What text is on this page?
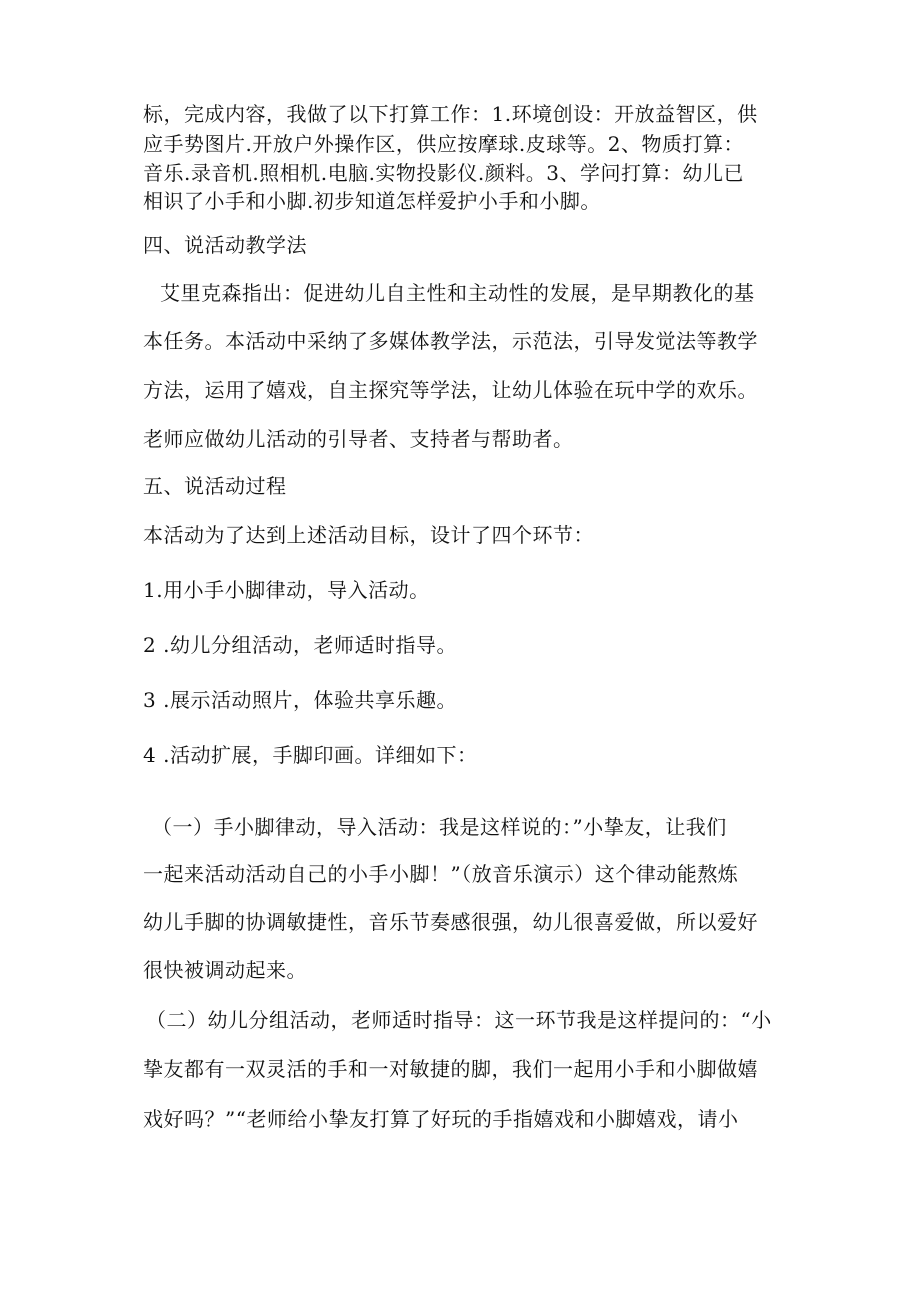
标，完成内容，我做了以下打算工作：1.环境创设：开放益智区，供
应手势图片.开放户外操作区，供应按摩球.皮球等。2、物质打算：
音乐.录音机.照相机.电脑.实物投影仪.颜料。3、学问打算：幼儿已
相识了小手和小脚.初步知道怎样爱护小手和小脚。
四、说活动教学法
艾里克森指出：促进幼儿自主性和主动性的发展，是早期教化的基
本任务。本活动中采纳了多媒体教学法，示范法，引导发觉法等教学
方法，运用了嬉戏，自主探究等学法，让幼儿体验在玩中学的欢乐。
老师应做幼儿活动的引导者、支持者与帮助者。
五、说活动过程
本活动为了达到上述活动目标，设计了四个环节：
1.用小手小脚律动，导入活动。
2 .幼儿分组活动，老师适时指导。
3 .展示活动照片，体验共享乐趣。
4 .活动扩展，手脚印画。详细如下：
（一）手小脚律动，导入活动：我是这样说的：”小挚友，让我们
一起来活动活动自己的小手小脚！”（放音乐演示）这个律动能熬炼
幼儿手脚的协调敏捷性，音乐节奏感很强，幼儿很喜爱做，所以爱好
很快被调动起来。
（二）幼儿分组活动，老师适时指导：这一环节我是这样提问的：“小
挚友都有一双灵活的手和一对敏捷的脚，我们一起用小手和小脚做嬉
戏好吗？”“老师给小挚友打算了好玩的手指嬉戏和小脚嬉戏，请小
